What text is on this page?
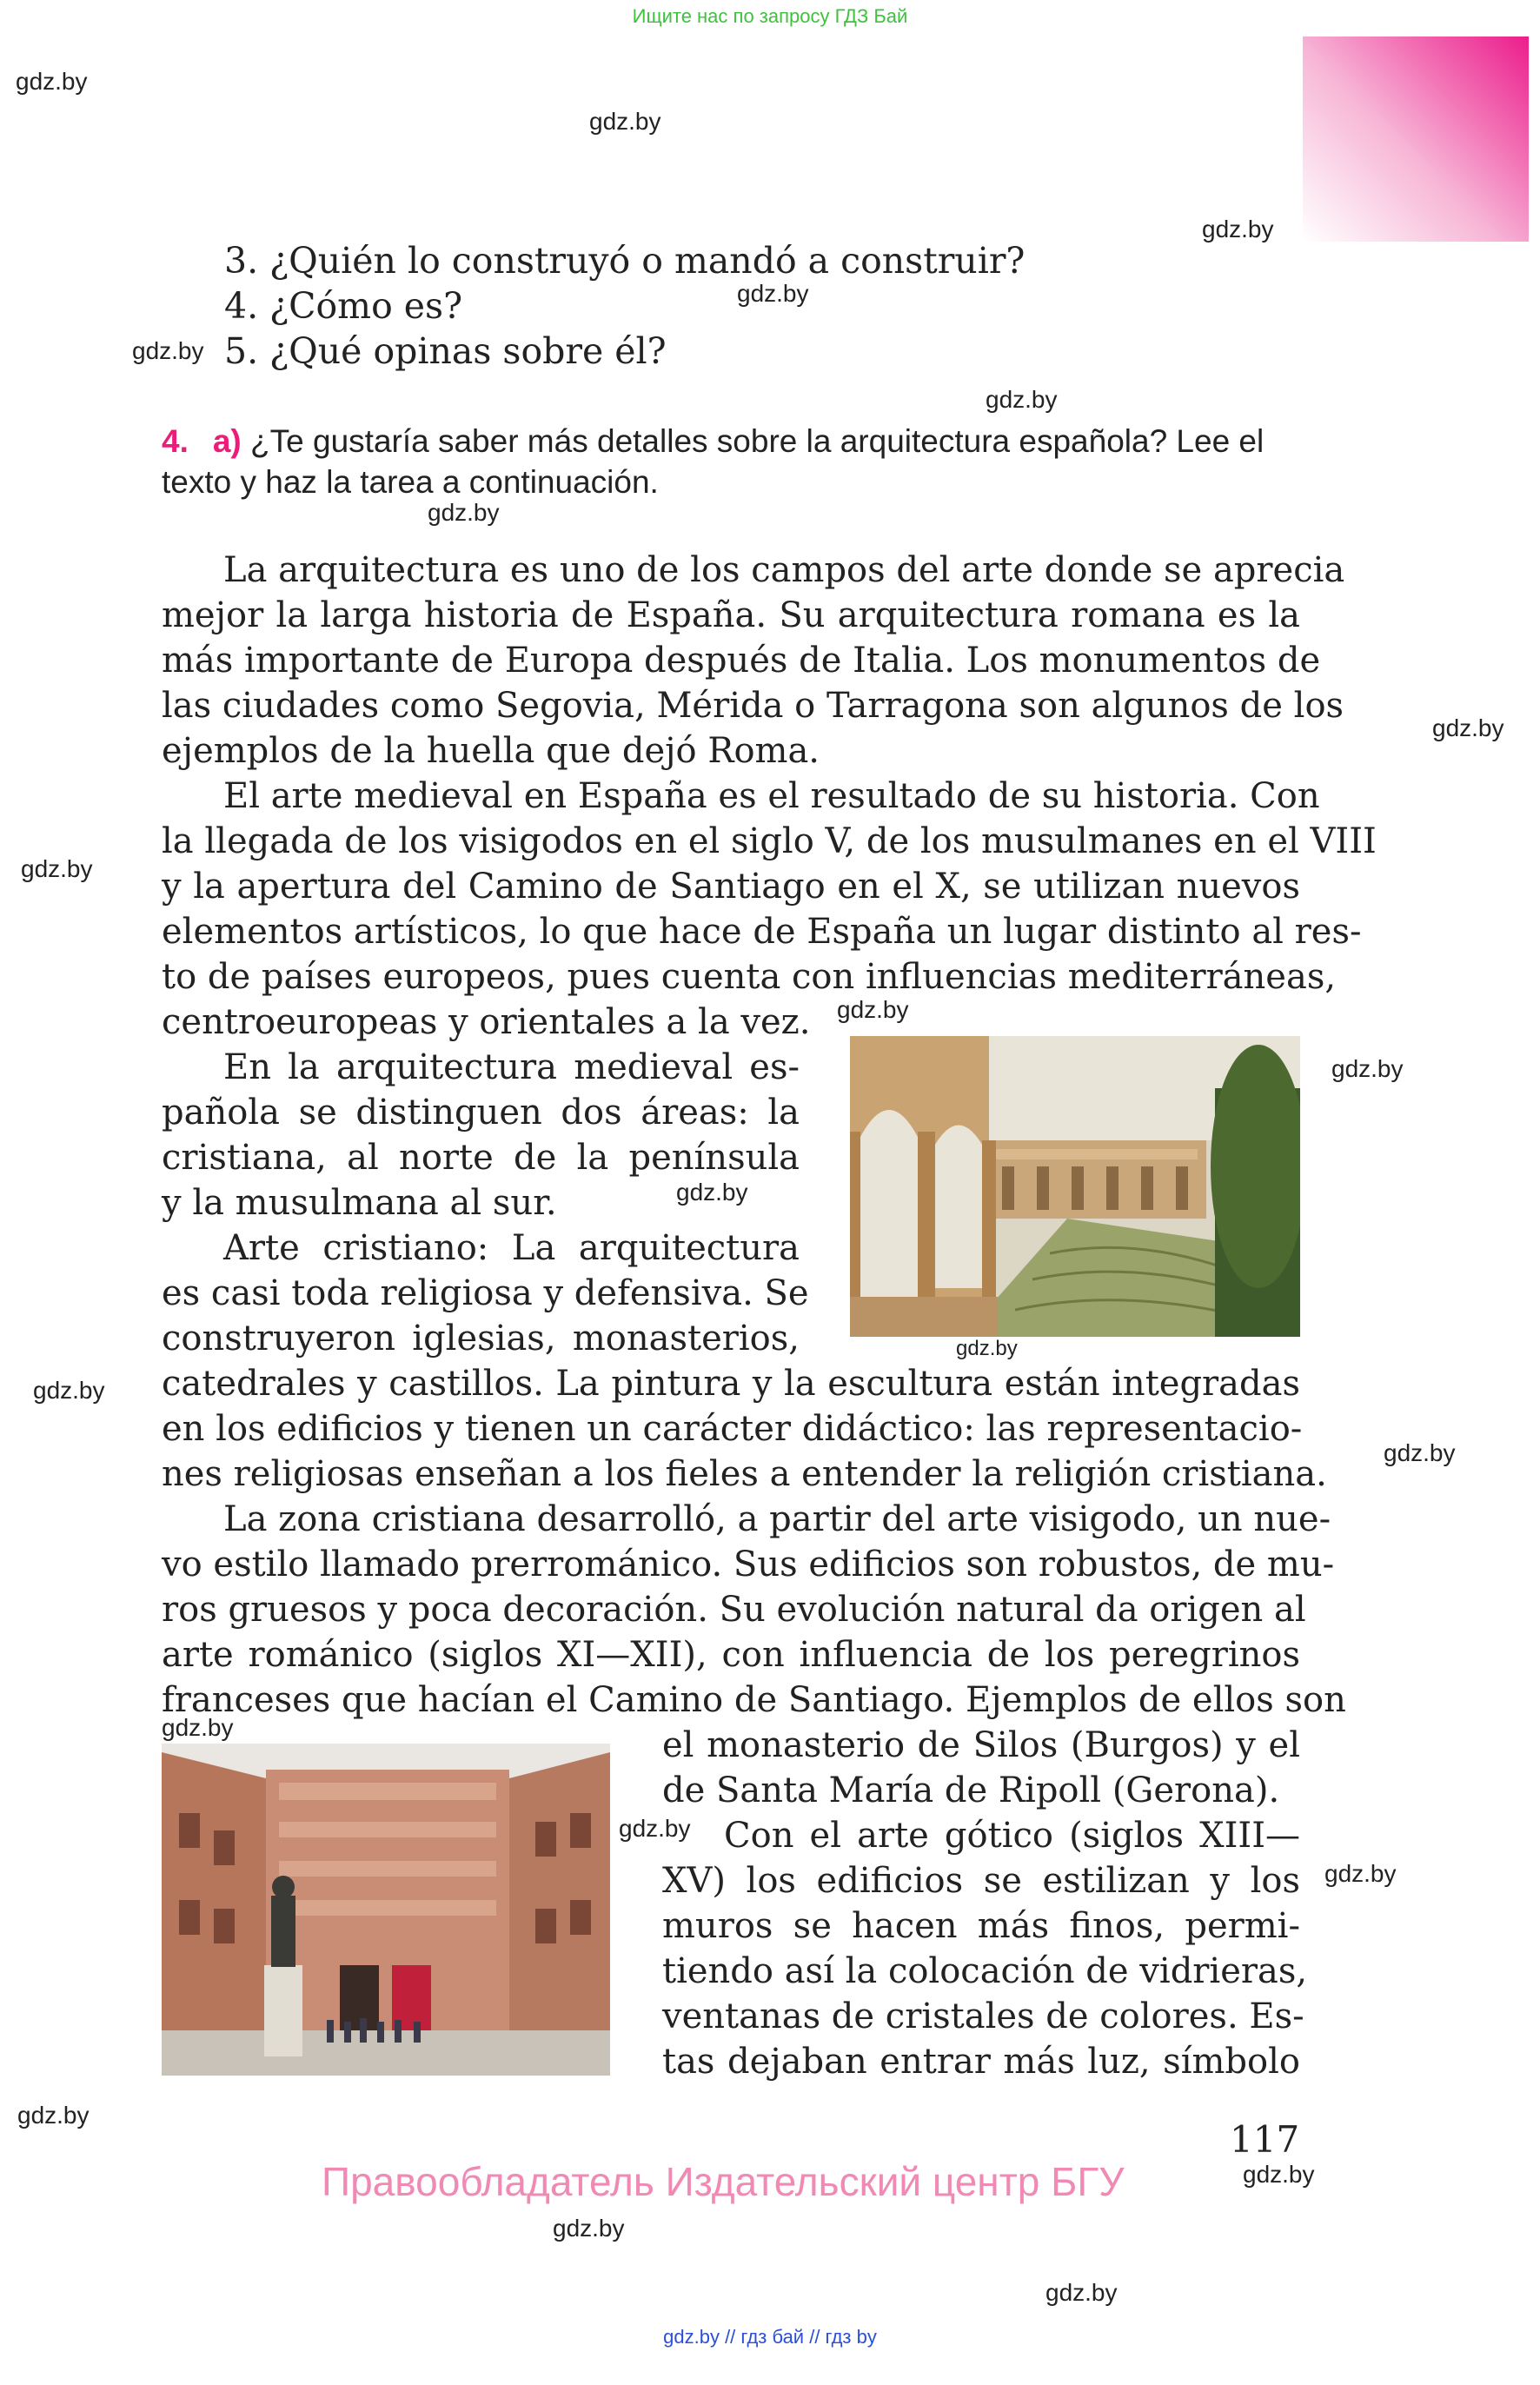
Ищите нас по запросу ГДЗ Бай
gdz.by
gdz.by
gdz.by
gdz.by
gdz.by
gdz.by
gdz.by
gdz.by
gdz.by
gdz.by
gdz.by
gdz.by
gdz.by
gdz.by
gdz.by
gdz.by
gdz.by
gdz.by
gdz.by
gdz.by
gdz.by
gdz.by
3. ¿Quién lo construyó o mandó a construir?
4. ¿Cómo es?
5. ¿Qué opinas sobre él?
4. a) ¿Te gustaría saber más detalles sobre la arquitectura española? Lee el texto y haz la tarea a continuación.
La arquitectura es uno de los campos del arte donde se aprecia
mejor la larga historia de España. Su arquitectura romana es la
más importante de Europa después de Italia. Los monumentos de
las ciudades como Segovia, Mérida o Tarragona son algunos de los
ejemplos de la huella que dejó Roma.
El arte medieval en España es el resultado de su historia. Con
la llegada de los visigodos en el siglo V, de los musulmanes en el VIII
y la apertura del Camino de Santiago en el X, se utilizan nuevos
elementos artísticos, lo que hace de España un lugar distinto al res-
to de países europeos, pues cuenta con influencias mediterráneas,
centroeuropeas y orientales a la vez.
En la arquitectura medieval es-
pañola se distinguen dos áreas: la
cristiana, al norte de la península
y la musulmana al sur.
Arte cristiano: La arquitectura
es casi toda religiosa y defensiva. Se
construyeron iglesias, monasterios,
catedrales y castillos. La pintura y la escultura están integradas
en los edificios y tienen un carácter didáctico: las representacio-
nes religiosas enseñan a los fieles a entender la religión cristiana.
La zona cristiana desarrolló, a partir del arte visigodo, un nue-
vo estilo llamado prerrománico. Sus edificios son robustos, de mu-
ros gruesos y poca decoración. Su evolución natural da origen al
arte románico (siglos XI—XII), con influencia de los peregrinos
franceses que hacían el Camino de Santiago. Ejemplos de ellos son
el monasterio de Silos (Burgos) y el
de Santa María de Ripoll (Gerona).
Con el arte gótico (siglos XIII—
XV) los edificios se estilizan y los
muros se hacen más finos, permi-
tiendo así la colocación de vidrieras,
ventanas de cristales de colores. Es-
tas dejaban entrar más luz, símbolo
117
Правообладатель Издательский центр БГУ
gdz.by // гдз бай // гдз by
